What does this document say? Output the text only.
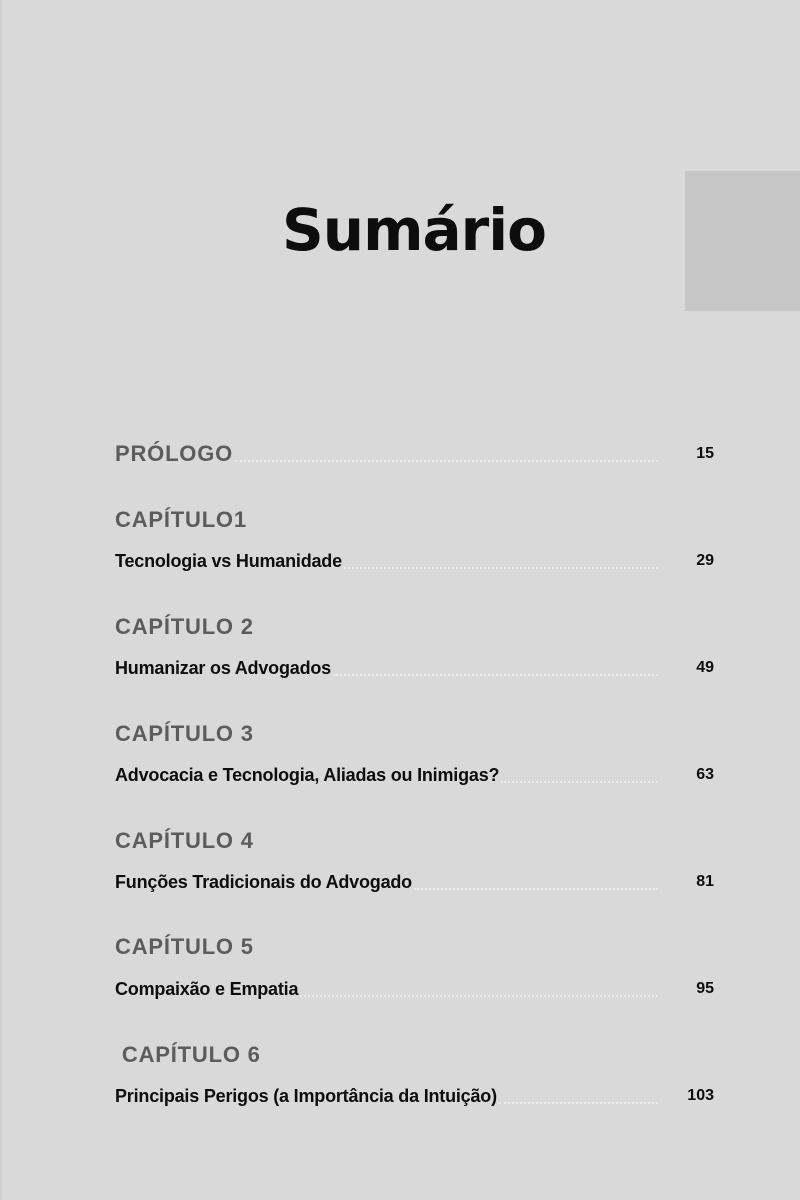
Sumário
PRÓLOGO	15
CAPÍTULO1
Tecnologia vs Humanidade	29
CAPÍTULO 2
Humanizar os Advogados	49
CAPÍTULO 3
Advocacia e Tecnologia, Aliadas ou Inimigas?	63
CAPÍTULO 4
Funções Tradicionais do Advogado	81
CAPÍTULO 5
Compaixão e Empatia	95
CAPÍTULO 6
Principais Perigos (a Importância da Intuição)	103
